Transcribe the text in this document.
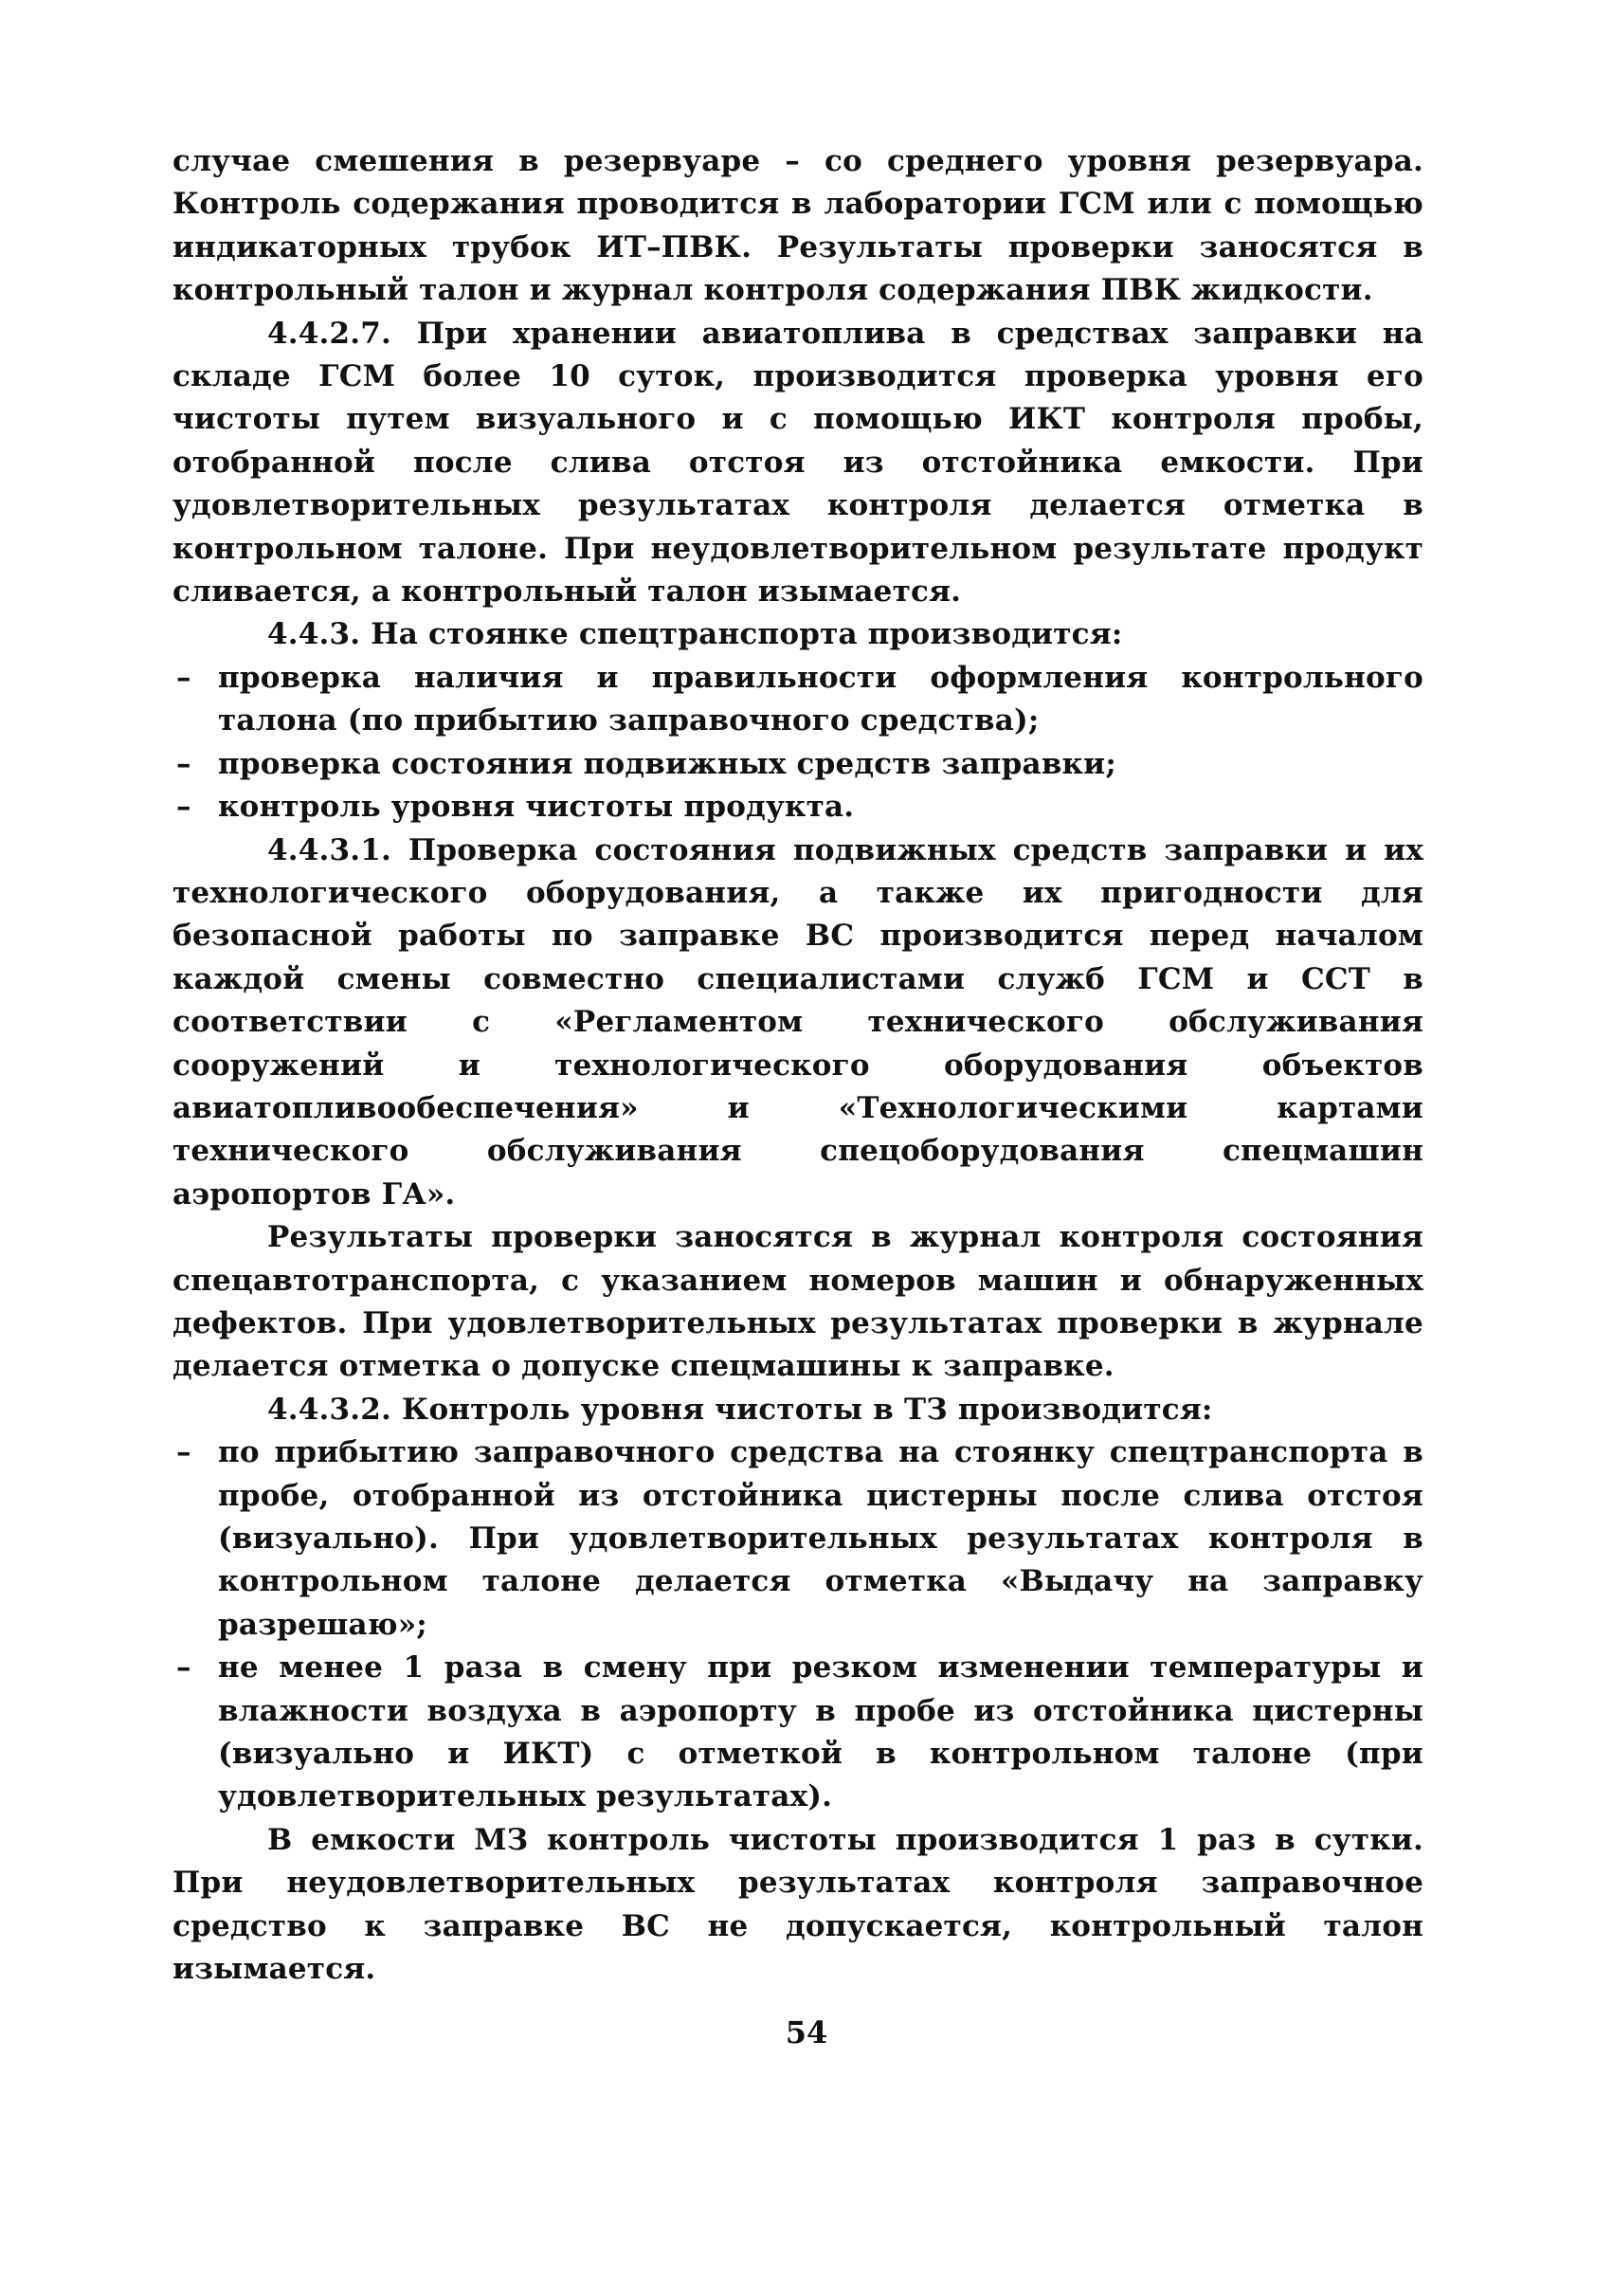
случае смешения в резервуаре – со среднего уровня резервуара. Контроль содержания проводится в лаборатории ГСМ или с помощью индикаторных трубок ИТ–ПВК. Результаты проверки заносятся в контрольный талон и журнал контроля содержания ПВК жидкости.

4.4.2.7. При хранении авиатоплива в средствах заправки на складе ГСМ более 10 суток, производится проверка уровня его чистоты путем визуального и с помощью ИКТ контроля пробы, отобранной после слива отстоя из отстойника емкости. При удовлетворительных результатах контроля делается отметка в контрольном талоне. При неудовлетворительном результате продукт сливается, а контрольный талон изымается.

4.4.3. На стоянке спецтранспорта производится:

– проверка наличия и правильности оформления контрольного талона (по прибытию заправочного средства);
– проверка состояния подвижных средств заправки;
– контроль уровня чистоты продукта.

4.4.3.1. Проверка состояния подвижных средств заправки и их технологического оборудования, а также их пригодности для безопасной работы по заправке ВС производится перед началом каждой смены совместно специалистами служб ГСМ и ССТ в соответствии с «Регламентом технического обслуживания сооружений и технологического оборудования объектов авиатопливообеспечения» и «Технологическими картами технического обслуживания спецоборудования спецмашин аэропортов ГА».

Результаты проверки заносятся в журнал контроля состояния спецавтотранспорта, с указанием номеров машин и обнаруженных дефектов. При удовлетворительных результатах проверки в журнале делается отметка о допуске спецмашины к заправке.

4.4.3.2. Контроль уровня чистоты в ТЗ производится:

– по прибытию заправочного средства на стоянку спецтранспорта в пробе, отобранной из отстойника цистерны после слива отстоя (визуально). При удовлетворительных результатах контроля в контрольном талоне делается отметка «Выдачу на заправку разрешаю»;
– не менее 1 раза в смену при резком изменении температуры и влажности воздуха в аэропорту в пробе из отстойника цистерны (визуально и ИКТ) с отметкой в контрольном талоне (при удовлетворительных результатах).

В емкости МЗ контроль чистоты производится 1 раз в сутки. При неудовлетворительных результатах контроля заправочное средство к заправке ВС не допускается, контрольный талон изымается.

54
